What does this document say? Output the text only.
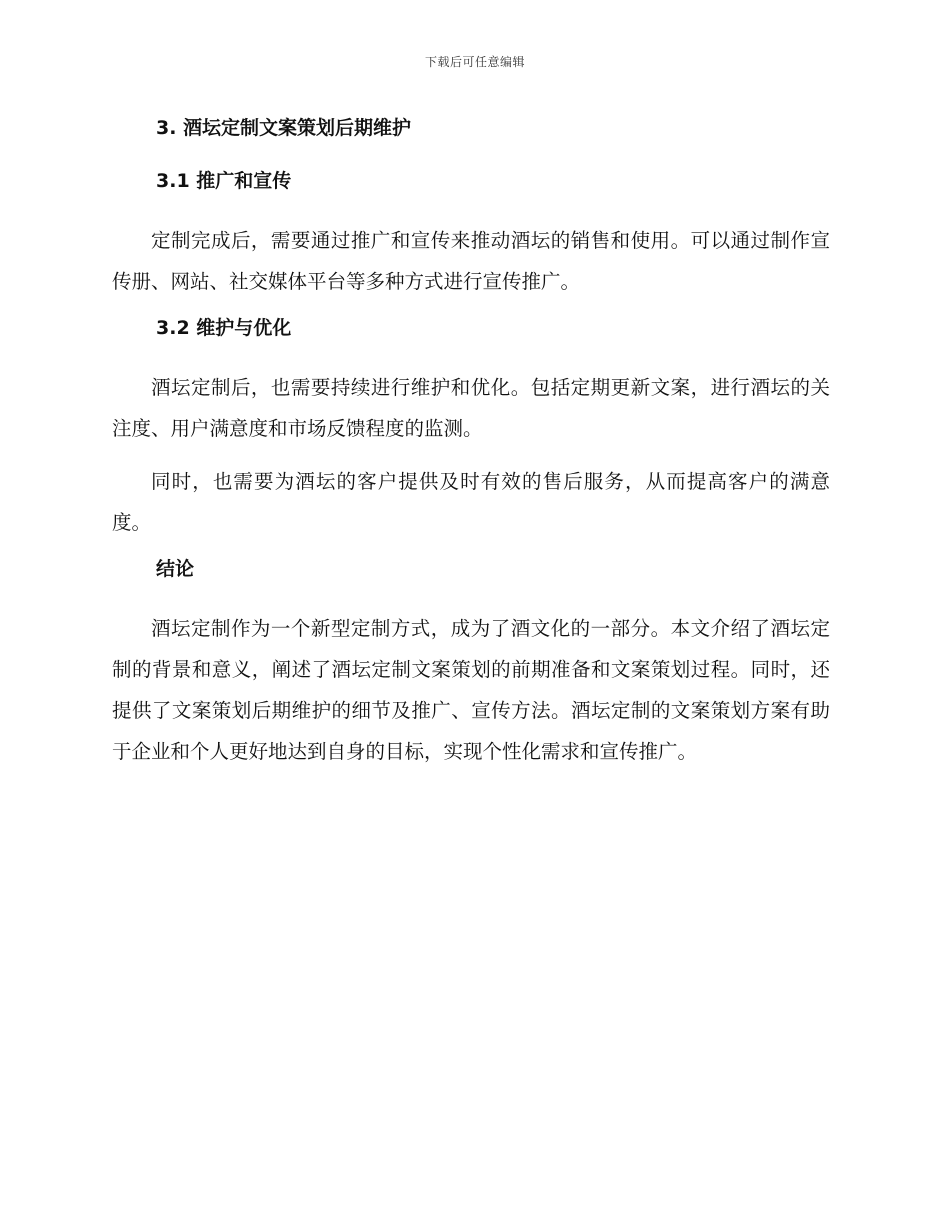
下载后可任意编辑
3. 酒坛定制文案策划后期维护
3.1 推广和宣传

定制完成后，需要通过推广和宣传来推动酒坛的销售和使用。可以通过制作宣传册、网站、社交媒体平台等多种方式进行宣传推广。

3.2 维护与优化

酒坛定制后，也需要持续进行维护和优化。包括定期更新文案，进行酒坛的关注度、用户满意度和市场反馈程度的监测。

同时，也需要为酒坛的客户提供及时有效的售后服务，从而提高客户的满意度。

结论

酒坛定制作为一个新型定制方式，成为了酒文化的一部分。本文介绍了酒坛定制的背景和意义，阐述了酒坛定制文案策划的前期准备和文案策划过程。同时，还提供了文案策划后期维护的细节及推广、宣传方法。酒坛定制的文案策划方案有助于企业和个人更好地达到自身的目标，实现个性化需求和宣传推广。
